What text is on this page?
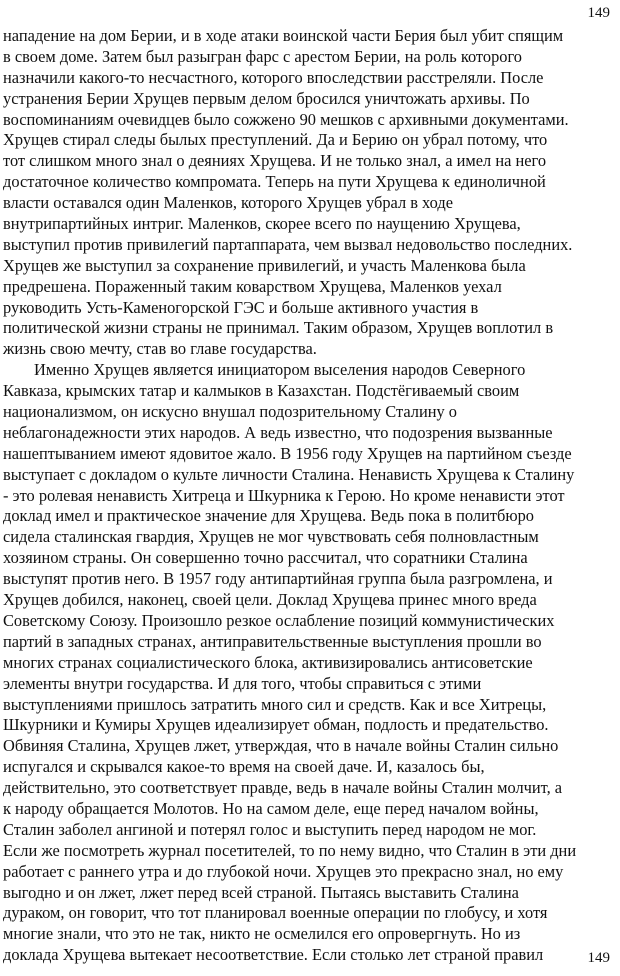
149
нападение на дом Берии, и в ходе атаки воинской части Берия был убит спящим
в своем доме. Затем был разыгран фарс с арестом Берии, на роль которого
назначили какого-то несчастного, которого впоследствии расстреляли. После
устранения Берии Хрущев первым делом бросился уничтожать архивы. По
воспоминаниям очевидцев было сожжено 90 мешков с архивными документами.
Хрущев стирал следы былых преступлений. Да и Берию он убрал потому, что
тот слишком много знал о деяниях Хрущева. И не только знал, а имел на него
достаточное количество компромата. Теперь на пути Хрущева к единоличной
власти оставался один Маленков, которого Хрущев убрал в ходе
внутрипартийных интриг. Маленков, скорее всего по наущению Хрущева,
выступил против привилегий партаппарата, чем вызвал недовольство последних.
Хрущев же выступил за сохранение привилегий, и участь Маленкова была
предрешена. Пораженный таким коварством Хрущева, Маленков уехал
руководить Усть-Каменогорской ГЭС и больше активного участия в
политической жизни страны не принимал. Таким образом, Хрущев воплотил в
жизнь свою мечту, став во главе государства.
Именно Хрущев является инициатором выселения народов Северного
Кавказа, крымских татар и калмыков в Казахстан. Подстёгиваемый своим
национализмом, он искусно внушал подозрительному Сталину о
неблагонадежности этих народов. А ведь известно, что подозрения вызванные
нашептыванием имеют ядовитое жало. В 1956 году Хрущев на партийном съезде
выступает с докладом о культе личности Сталина. Ненависть Хрущева к Сталину
- это ролевая ненависть Хитреца и Шкурника к Герою. Но кроме ненависти этот
доклад имел и практическое значение для Хрущева. Ведь пока в политбюро
сидела сталинская гвардия, Хрущев не мог чувствовать себя полновластным
хозяином страны. Он совершенно точно рассчитал, что соратники Сталина
выступят против него. В 1957 году антипартийная группа была разгромлена, и
Хрущев добился, наконец, своей цели. Доклад Хрущева принес много вреда
Советскому Союзу. Произошло резкое ослабление позиций коммунистических
партий в западных странах, антиправительственные выступления прошли во
многих странах социалистического блока, активизировались антисоветские
элементы внутри государства. И для того, чтобы справиться с этими
выступлениями пришлось затратить много сил и средств. Как и все Хитрецы,
Шкурники и Кумиры Хрущев идеализирует обман, подлость и предательство.
Обвиняя Сталина, Хрущев лжет, утверждая, что в начале войны Сталин сильно
испугался и скрывался какое-то время на своей даче. И, казалось бы,
действительно, это соответствует правде, ведь в начале войны Сталин молчит, а
к народу обращается Молотов. Но на самом деле, еще перед началом войны,
Сталин заболел ангиной и потерял голос и выступить перед народом не мог.
Если же посмотреть журнал посетителей, то по нему видно, что Сталин в эти дни
работает с раннего утра и до глубокой ночи. Хрущев это прекрасно знал, но ему
выгодно и он лжет, лжет перед всей страной. Пытаясь выставить Сталина
дураком, он говорит, что тот планировал военные операции по глобусу, и хотя
многие знали, что это не так, никто не осмелился его опровергнуть. Но из
доклада Хрущева вытекает несоответствие. Если столько лет страной правил	149
